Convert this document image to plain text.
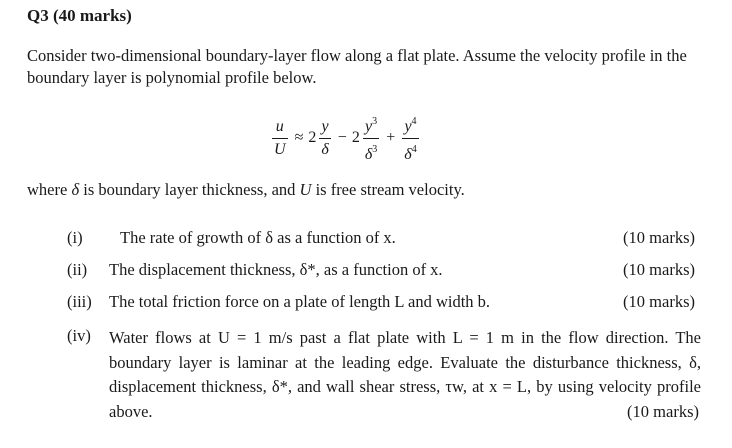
Q3 (40 marks)
Consider two-dimensional boundary-layer flow along a flat plate. Assume the velocity profile in the boundary layer is polynomial profile below.
$\frac{u}{U} \approx 2 \frac{y}{\delta} - 2 \frac{y^3}{\delta^3} + \frac{y^4}{\delta^4}$
where δ is boundary layer thickness, and U is free stream velocity.
(i) The rate of growth of δ as a function of x.	(10 marks)
(ii) The displacement thickness, δ*, as a function of x.	(10 marks)
(iii) The total friction force on a plate of length L and width b.	(10 marks)
(iv) Water flows at U = 1 m/s past a flat plate with L = 1 m in the flow direction. The boundary layer is laminar at the leading edge. Evaluate the disturbance thickness, δ, displacement thickness, δ*, and wall shear stress, τw, at x = L, by using velocity profile above.	(10 marks)
